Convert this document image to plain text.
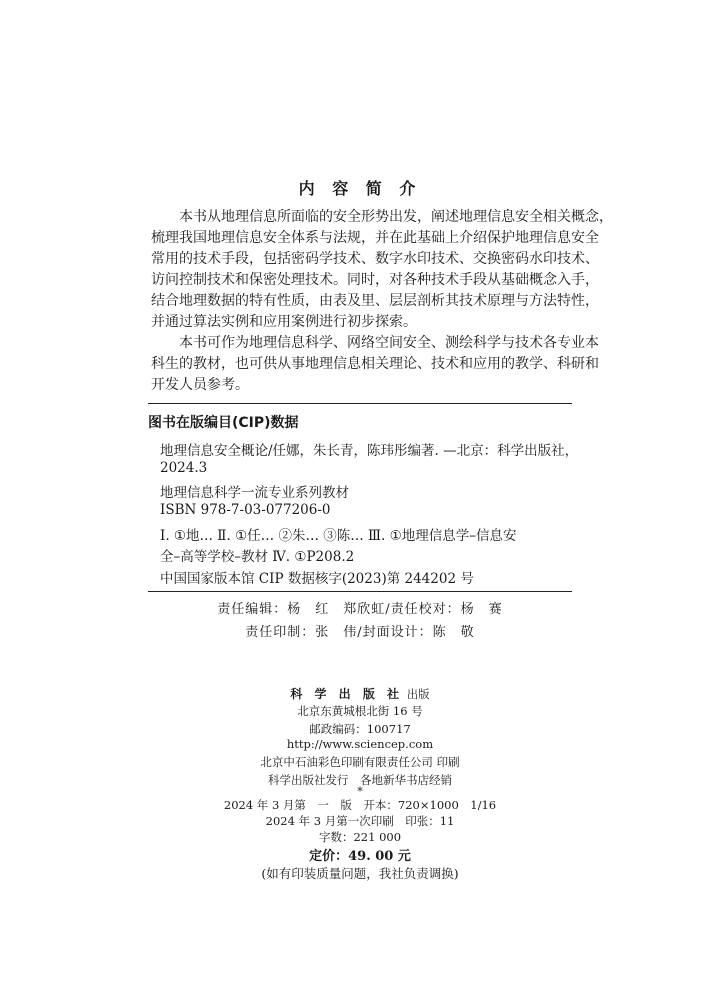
内 容 简 介
本书从地理信息所面临的安全形势出发，阐述地理信息安全相关概念，
梳理我国地理信息安全体系与法规，并在此基础上介绍保护地理信息安全
常用的技术手段，包括密码学技术、数字水印技术、交换密码水印技术、
访问控制技术和保密处理技术。同时，对各种技术手段从基础概念入手，
结合地理数据的特有性质，由表及里、层层剖析其技术原理与方法特性，
并通过算法实例和应用案例进行初步探索。
本书可作为地理信息科学、网络空间安全、测绘科学与技术各专业本
科生的教材，也可供从事地理信息相关理论、技术和应用的教学、科研和
开发人员参考。
图书在版编目(CIP)数据
地理信息安全概论/任娜，朱长青，陈玮彤编著. —北京：科学出版社，
2024.3
地理信息科学一流专业系列教材
ISBN 978-7-03-077206-0
Ⅰ. ①地… Ⅱ. ①任… ②朱… ③陈… Ⅲ. ①地理信息学–信息安
全–高等学校–教材 Ⅳ. ①P208.2
中国国家版本馆 CIP 数据核字(2023)第 244202 号
责任编辑：杨　红　郑欣虹/责任校对：杨　赛
责任印制：张　伟/封面设计：陈　敬
科 学 出 版 社 出版
北京东黄城根北街 16 号
邮政编码：100717
http://www.sciencep.com
北京中石油彩色印刷有限责任公司 印刷
科学出版社发行　各地新华书店经销
*
2024 年 3 月第　一　版　开本：720×1000　1/16
2024 年 3 月第一次印刷　印张：11
字数：221 000
定价：49. 00 元
(如有印装质量问题，我社负责调换)
